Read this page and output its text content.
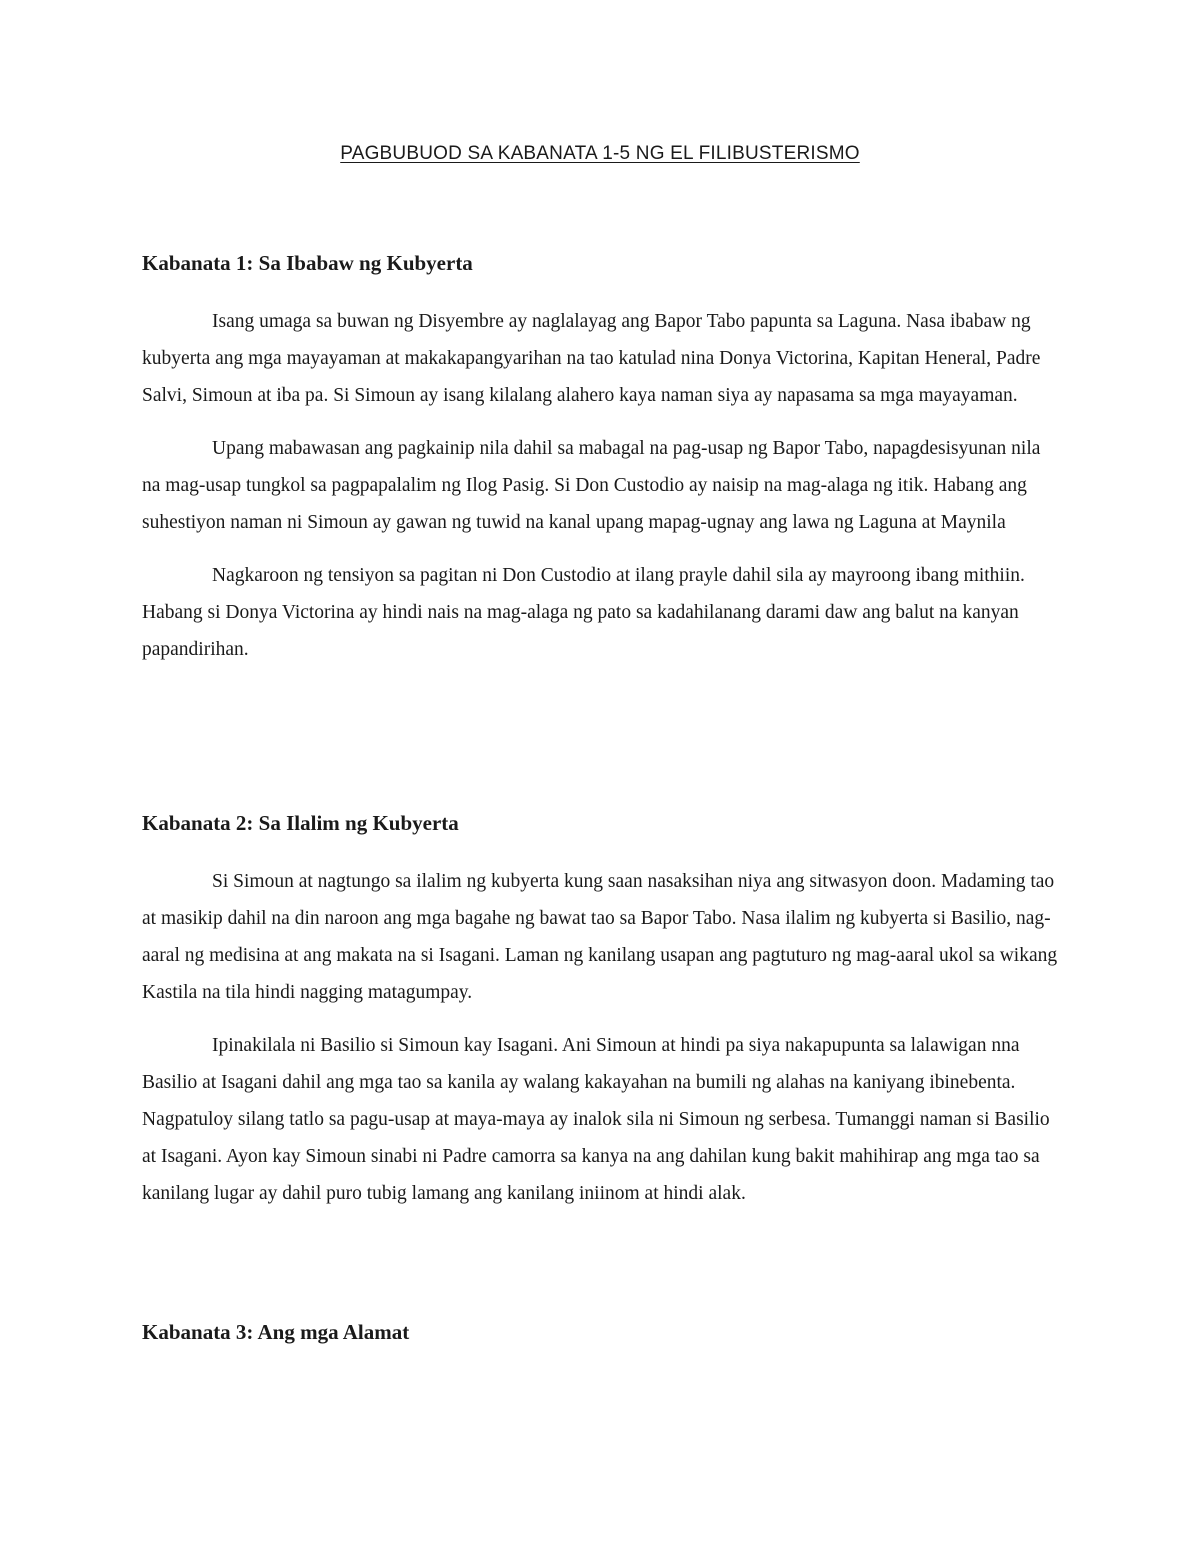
PAGBUBUOD SA KABANATA 1-5 NG EL FILIBUSTERISMO
Kabanata 1: Sa Ibabaw ng Kubyerta

Isang umaga sa buwan ng Disyembre ay naglalayag ang Bapor Tabo papunta sa Laguna. Nasa ibabaw ng kubyerta ang mga mayayaman at makakapangyarihan na tao katulad nina Donya Victorina, Kapitan Heneral, Padre Salvi, Simoun at iba pa. Si Simoun ay isang kilalang alahero kaya naman siya ay napasama sa mga mayayaman.

Upang mabawasan ang pagkainip nila dahil sa mabagal na pag-usap ng Bapor Tabo, napagdesisyunan nila na mag-usap tungkol sa pagpapalalim ng Ilog Pasig. Si Don Custodio ay naisip na mag-alaga ng itik. Habang ang suhestiyon naman ni Simoun ay gawan ng tuwid na kanal upang mapag-ugnay ang lawa ng Laguna at Maynila

Nagkaroon ng tensiyon sa pagitan ni Don Custodio at ilang prayle dahil sila ay mayroong ibang mithiin. Habang si Donya Victorina ay hindi nais na mag-alaga ng pato sa kadahilanang darami daw ang balut na kanyan papandirihan.

Kabanata 2: Sa Ilalim ng Kubyerta

Si Simoun at nagtungo sa ilalim ng kubyerta kung saan nasaksihan niya ang sitwasyon doon. Madaming tao at masikip dahil na din naroon ang mga bagahe ng bawat tao sa Bapor Tabo. Nasa ilalim ng kubyerta si Basilio, nag-aaral ng medisina at ang makata na si Isagani. Laman ng kanilang usapan ang pagtuturo ng mag-aaral ukol sa wikang Kastila na tila hindi nagging matagumpay.

Ipinakilala ni Basilio si Simoun kay Isagani. Ani Simoun at hindi pa siya nakapupunta sa lalawigan nna Basilio at Isagani dahil ang mga tao sa kanila ay walang kakayahan na bumili ng alahas na kaniyang ibinebenta. Nagpatuloy silang tatlo sa pagu-usap at maya-maya ay inalok sila ni Simoun ng serbesa. Tumanggi naman si Basilio at Isagani. Ayon kay Simoun sinabi ni Padre camorra sa kanya na ang dahilan kung bakit mahihirap ang mga tao sa kanilang lugar ay dahil puro tubig lamang ang kanilang iniinom at hindi alak.

Kabanata 3: Ang mga Alamat
